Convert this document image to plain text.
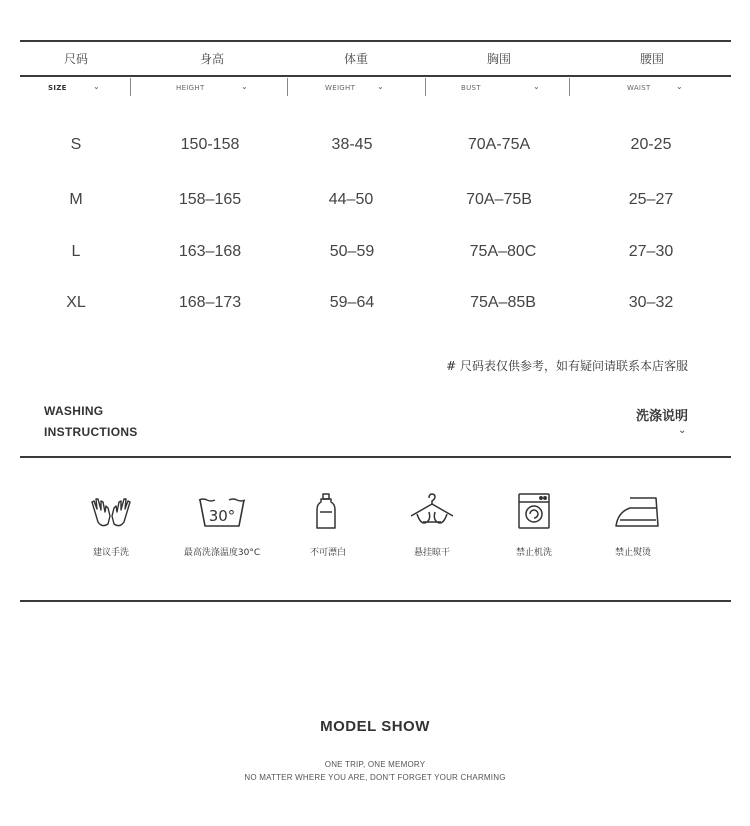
尺码	身高	体重	胸围	腰围
SIZE	⌄	HEIGHT	⌄	WEIGHT	⌄	BUST	⌄	WAIST	⌄
S	150-158	38-45	70A-75A	20-25
M	158–165	44–50	70A–75B	25–27
L	163–168	50–59	75A–80C	27–30
XL	168–173	59–64	75A–85B	30–32
# 尺码表仅供参考，如有疑问请联系本店客服
WASHING
INSTRUCTIONS
洗涤说明
⌄
30°
建议手洗	最高洗涤温度30°C	不可漂白	悬挂晾干	禁止机洗	禁止熨烫
MODEL SHOW
ONE TRIP, ONE MEMORY
NO MATTER WHERE YOU ARE, DON'T FORGET YOUR CHARMING
